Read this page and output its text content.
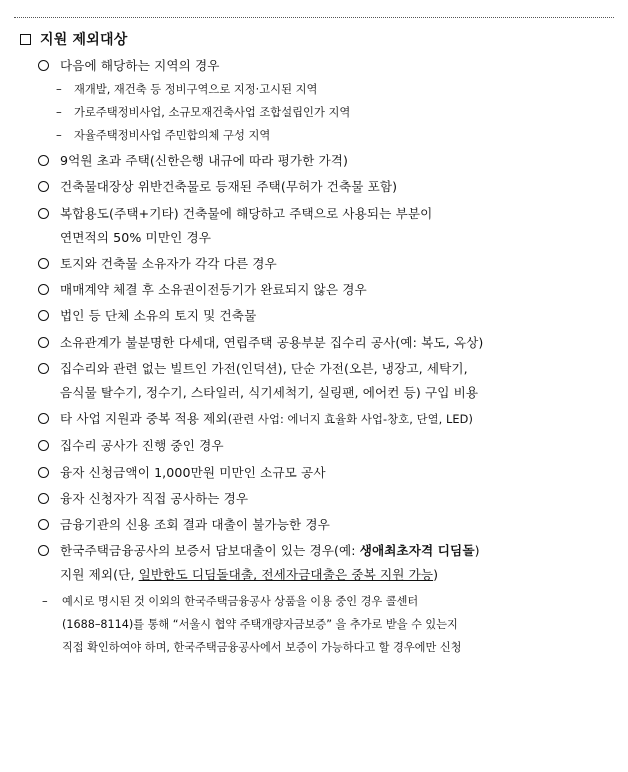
지원 제외대상
다음에 해당하는 지역의 경우
–	재개발, 재건축 등 정비구역으로 지정·고시된 지역
–	가로주택정비사업, 소규모재건축사업 조합설립인가 지역
–	자율주택정비사업 주민합의체 구성 지역
9억원 초과 주택(신한은행 내규에 따라 평가한 가격)
건축물대장상 위반건축물로 등재된 주택(무허가 건축물 포함)
복합용도(주택+기타) 건축물에 해당하고 주택으로 사용되는 부분이
연면적의 50% 미만인 경우
토지와 건축물 소유자가 각각 다른 경우
매매계약 체결 후 소유권이전등기가 완료되지 않은 경우
법인 등 단체 소유의 토지 및 건축물
소유관계가 불분명한 다세대, 연립주택 공용부분 집수리 공사(예: 복도, 옥상)
집수리와 관련 없는 빌트인 가전(인덕션), 단순 가전(오븐, 냉장고, 세탁기,
음식물 탈수기, 정수기, 스타일러, 식기세척기, 실링팬, 에어컨 등) 구입 비용
타 사업 지원과 중복 적용 제외(관련 사업: 에너지 효율화 사업-창호, 단열, LED)
집수리 공사가 진행 중인 경우
융자 신청금액이 1,000만원 미만인 소규모 공사
융자 신청자가 직접 공사하는 경우
금융기관의 신용 조회 결과 대출이 불가능한 경우
한국주택금융공사의 보증서 담보대출이 있는 경우(예: 생애최초자격 디딤돌)
지원 제외(단, 일반한도 디딤돌대출, 전세자금대출은 중복 지원 가능)
–	예시로 명시된 것 이외의 한국주택금융공사 상품을 이용 중인 경우 콜센터
(1688–8114)를 통해 “서울시 협약 주택개량자금보증” 을 추가로 받을 수 있는지
직접 확인하여야 하며, 한국주택금융공사에서 보증이 가능하다고 할 경우에만 신청
